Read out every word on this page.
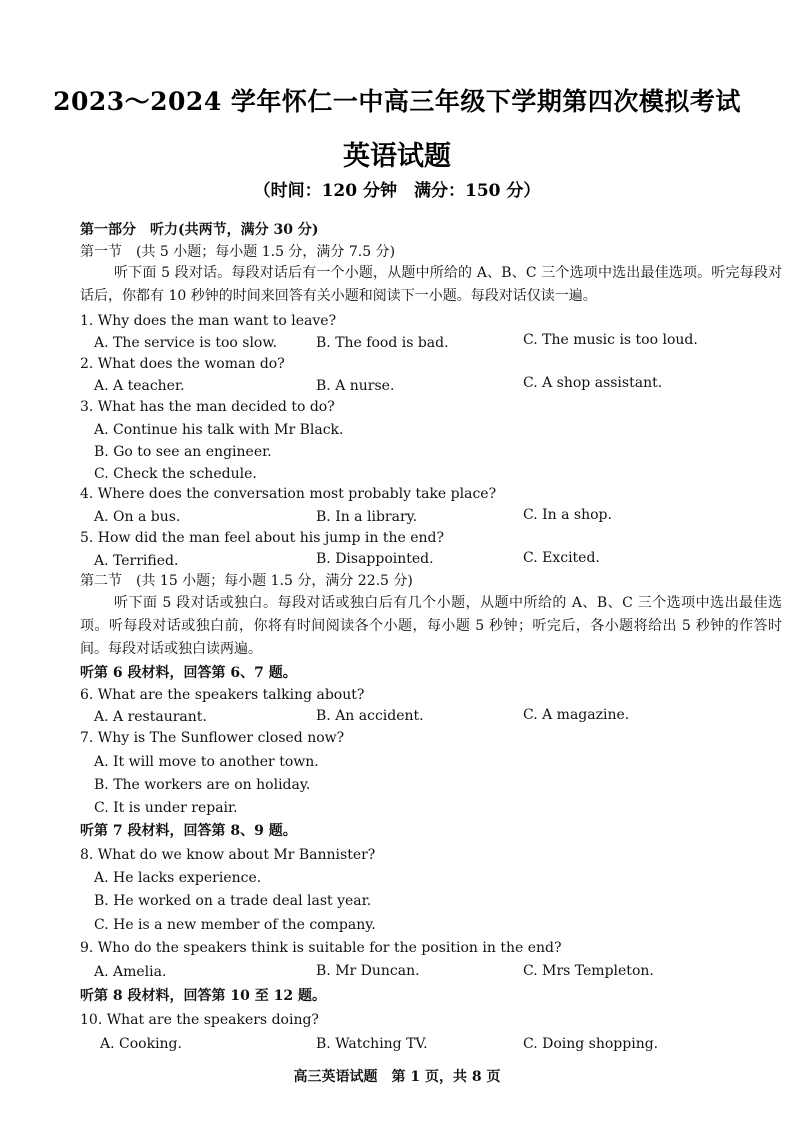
2023～2024 学年怀仁一中高三年级下学期第四次模拟考试
英语试题
（时间：120 分钟　满分：150 分）
第一部分　听力(共两节，满分 30 分)
第一节　(共 5 小题；每小题 1.5 分，满分 7.5 分)
听下面 5 段对话。每段对话后有一个小题，从题中所给的 A、B、C 三个选项中选出最佳选项。听完每段对话后，你都有 10 秒钟的时间来回答有关小题和阅读下一小题。每段对话仅读一遍。
1. Why does the man want to leave?
A. The service is too slow.	B. The food is bad.	C. The music is too loud.
2. What does the woman do?
A. A teacher.	B. A nurse.	C. A shop assistant.
3. What has the man decided to do?
A. Continue his talk with Mr Black.
B. Go to see an engineer.
C. Check the schedule.
4. Where does the conversation most probably take place?
A. On a bus.	B. In a library.	C. In a shop.
5. How did the man feel about his jump in the end?
A. Terrified.	B. Disappointed.	C. Excited.
第二节　(共 15 小题；每小题 1.5 分，满分 22.5 分)
听下面 5 段对话或独白。每段对话或独白后有几个小题，从题中所给的 A、B、C 三个选项中选出最佳选项。听每段对话或独白前，你将有时间阅读各个小题，每小题 5 秒钟；听完后，各小题将给出 5 秒钟的作答时间。每段对话或独白读两遍。
听第 6 段材料，回答第 6、7 题。
6. What are the speakers talking about?
A. A restaurant.	B. An accident.	C. A magazine.
7. Why is The Sunflower closed now?
A. It will move to another town.
B. The workers are on holiday.
C. It is under repair.
听第 7 段材料，回答第 8、9 题。
8. What do we know about Mr Bannister?
A. He lacks experience.
B. He worked on a trade deal last year.
C. He is a new member of the company.
9. Who do the speakers think is suitable for the position in the end?
A. Amelia.	B. Mr Duncan.	C. Mrs Templeton.
听第 8 段材料，回答第 10 至 12 题。
10. What are the speakers doing?
A. Cooking.	B. Watching TV.	C. Doing shopping.
高三英语试题　第 1 页，共 8 页
